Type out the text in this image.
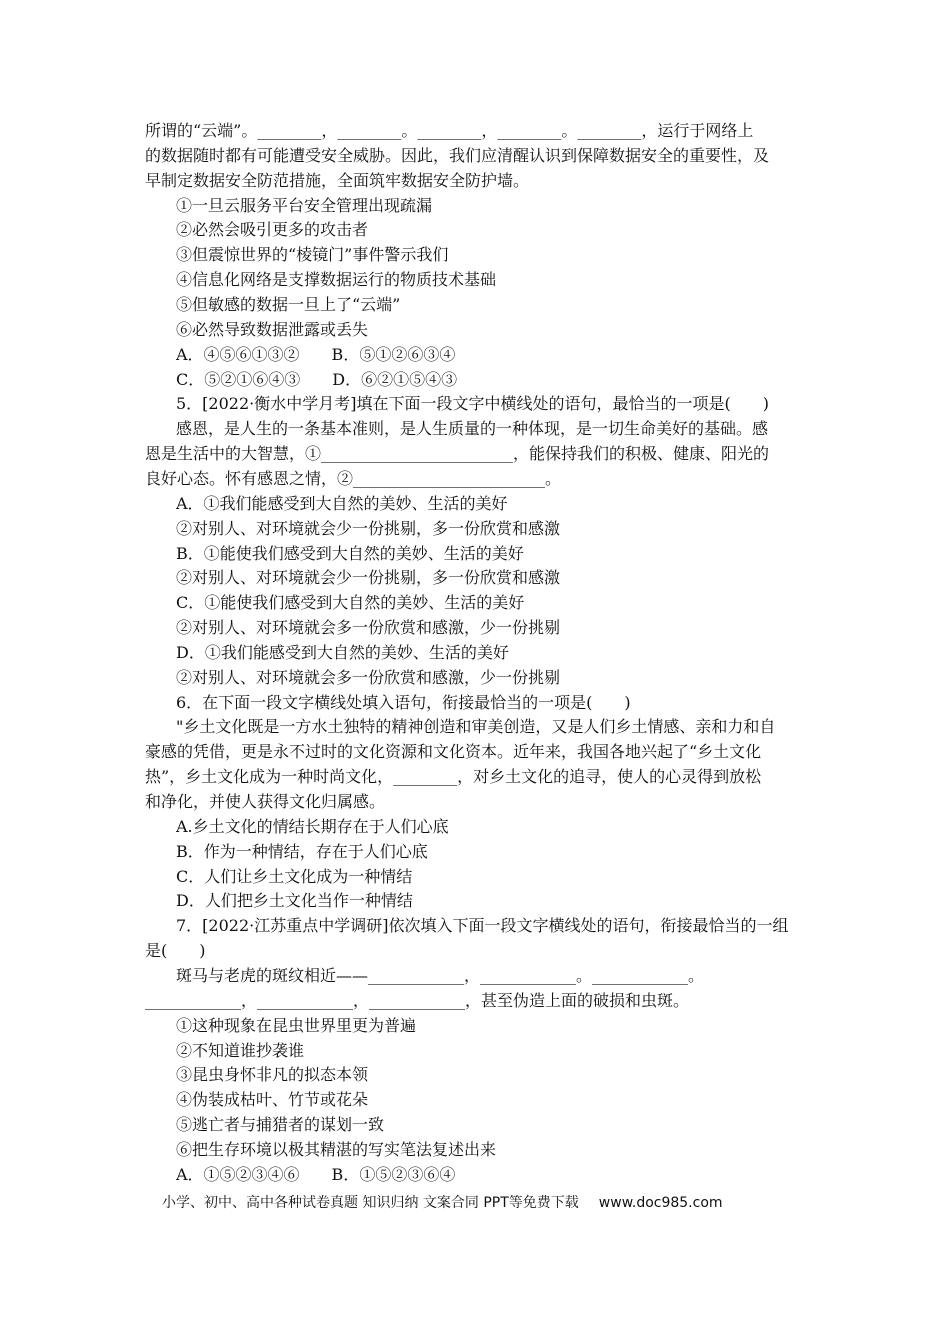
所谓的“云端”。________，________。________，________。________，运行于网络上
的数据随时都有可能遭受安全威胁。因此，我们应清醒认识到保障数据安全的重要性，及
早制定数据安全防范措施，全面筑牢数据安全防护墙。
①一旦云服务平台安全管理出现疏漏
②必然会吸引更多的攻击者
③但震惊世界的“棱镜门”事件警示我们
④信息化网络是支撑数据运行的物质技术基础
⑤但敏感的数据一旦上了“云端”
⑥必然导致数据泄露或丢失
A．④⑤⑥①③②　　B．⑤①②⑥③④
C．⑤②①⑥④③　　D．⑥②①⑤④③
5．[2022·衡水中学月考]填在下面一段文字中横线处的语句，最恰当的一项是(　　)
感恩，是人生的一条基本准则，是人生质量的一种体现，是一切生命美好的基础。感
恩是生活中的大智慧，①________________________，能保持我们的积极、健康、阳光的
良好心态。怀有感恩之情，②________________________。
A．①我们能感受到大自然的美妙、生活的美好
②对别人、对环境就会少一份挑剔，多一份欣赏和感激
B．①能使我们感受到大自然的美妙、生活的美好
②对别人、对环境就会少一份挑剔，多一份欣赏和感激
C．①能使我们感受到大自然的美妙、生活的美好
②对别人、对环境就会多一份欣赏和感激，少一份挑剔
D．①我们能感受到大自然的美妙、生活的美好
②对别人、对环境就会多一份欣赏和感激，少一份挑剔
6．在下面一段文字横线处填入语句，衔接最恰当的一项是(　　)
"乡土文化既是一方水土独特的精神创造和审美创造，又是人们乡土情感、亲和力和自
豪感的凭借，更是永不过时的文化资源和文化资本。近年来，我国各地兴起了“乡土文化
热”，乡土文化成为一种时尚文化，________，对乡土文化的追寻，使人的心灵得到放松
和净化，并使人获得文化归属感。
A.乡土文化的情结长期存在于人们心底
B．作为一种情结，存在于人们心底
C．人们让乡土文化成为一种情结
D．人们把乡土文化当作一种情结
7．[2022·江苏重点中学调研]依次填入下面一段文字横线处的语句，衔接最恰当的一组
是(　　)
斑马与老虎的斑纹相近——____________，____________。____________。
____________，____________，____________，甚至伪造上面的破损和虫斑。
①这种现象在昆虫世界里更为普遍
②不知道谁抄袭谁
③昆虫身怀非凡的拟态本领
④伪装成枯叶、竹节或花朵
⑤逃亡者与捕猎者的谋划一致
⑥把生存环境以极其精湛的写实笔法复述出来
A．①⑤②③④⑥　　B．①⑤②③⑥④
小学、初中、高中各种试卷真题 知识归纳 文案合同 PPT等免费下载 www.doc985.com
